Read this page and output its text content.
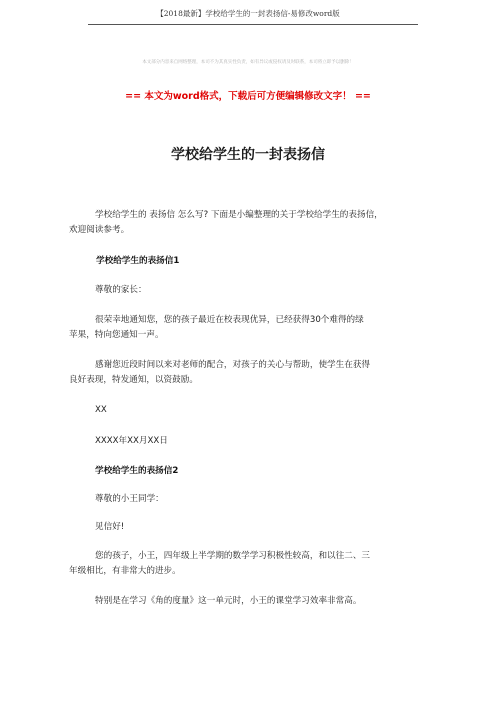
【2018最新】学校给学生的一封表扬信-易修改word版
本文部分内容来自网络整理，本司不为其真实性负责，如有异议或侵权请及时联系，本司将立即予以删除！
== 本文为word格式，下载后可方便编辑修改文字！ ==
学校给学生的一封表扬信
学校给学生的 表扬信 怎么写? 下面是小编整理的关于学校给学生的表扬信，
欢迎阅读参考。
学校给学生的表扬信1
尊敬的家长：
很荣幸地通知您，您的孩子最近在校表现优异，已经获得30个难得的绿
苹果，特向您通知一声。
感谢您近段时间以来对老师的配合，对孩子的关心与帮助，使学生在获得
良好表现，特发通知，以资鼓励。
XX
XXXX年XX月XX日
学校给学生的表扬信2
尊敬的小王同学：
见信好!
您的孩子，小王，四年级上半学期的数学学习积极性较高，和以往二、三
年级相比，有非常大的进步。
特别是在学习《角的度量》这一单元时，小王的课堂学习效率非常高。
